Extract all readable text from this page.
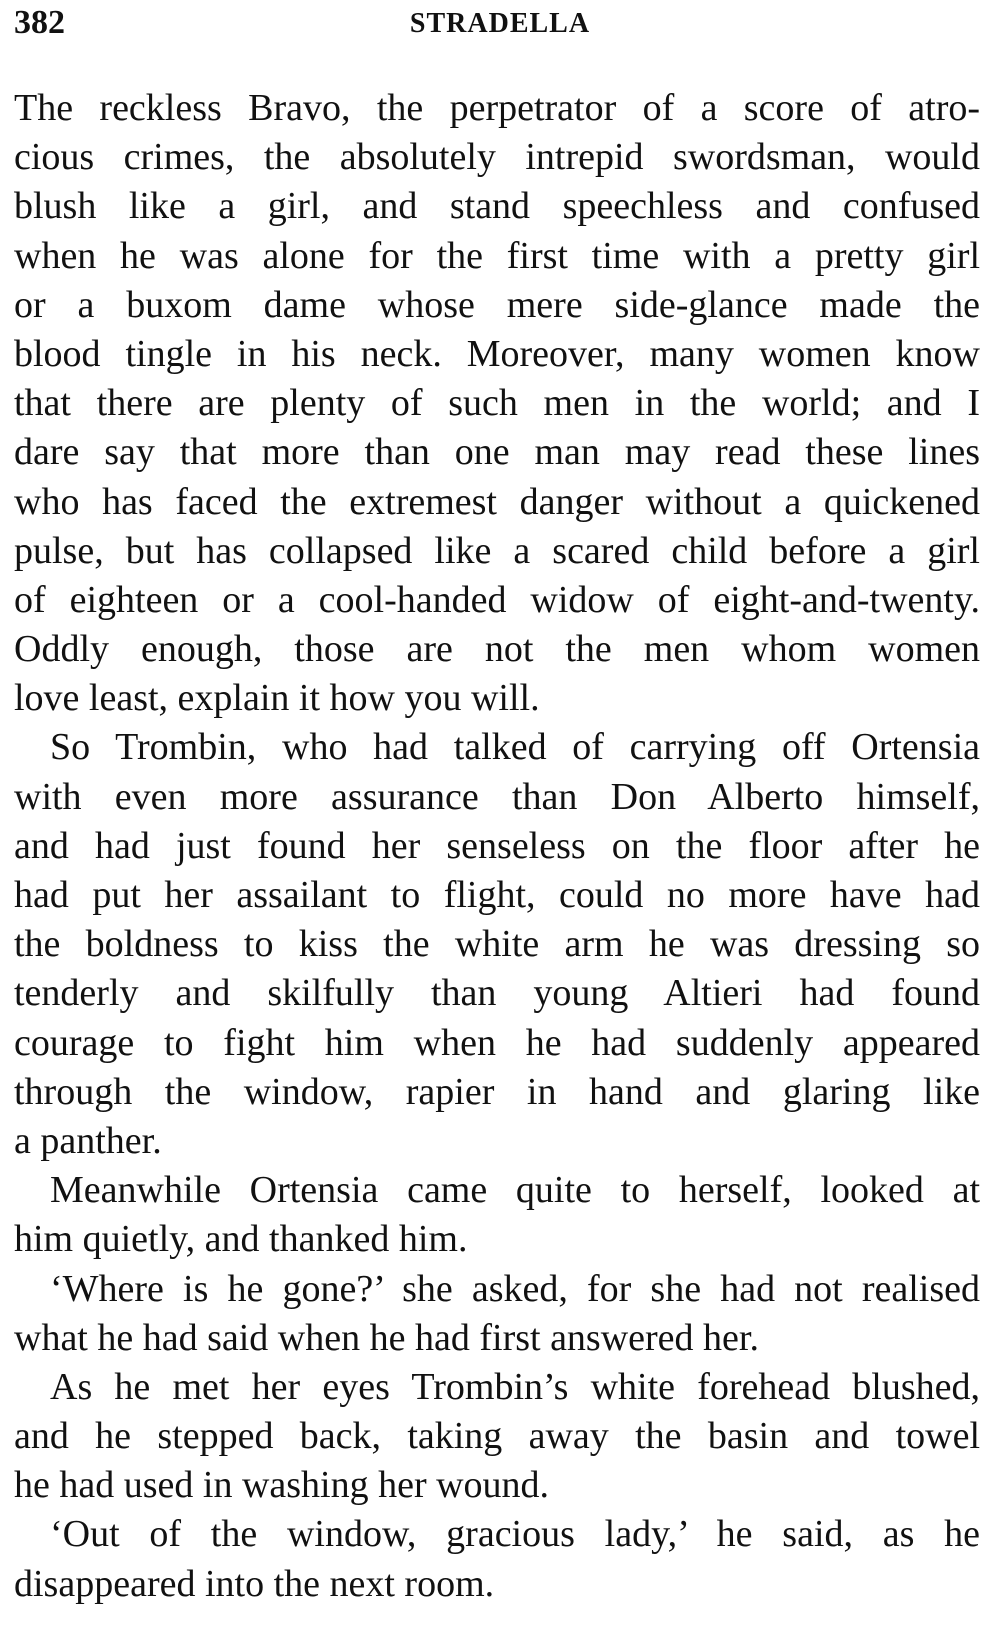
382	STRADELLA
The reckless Bravo, the perpetrator of a score of atro-
cious crimes, the absolutely intrepid swordsman, would
blush like a girl, and stand speechless and confused
when he was alone for the first time with a pretty girl
or a buxom dame whose mere side-glance made the
blood tingle in his neck. Moreover, many women know
that there are plenty of such men in the world; and I
dare say that more than one man may read these lines
who has faced the extremest danger without a quickened
pulse, but has collapsed like a scared child before a girl
of eighteen or a cool-handed widow of eight-and-twenty.
Oddly enough, those are not the men whom women
love least, explain it how you will.
So Trombin, who had talked of carrying off Ortensia
with even more assurance than Don Alberto himself,
and had just found her senseless on the floor after he
had put her assailant to flight, could no more have had
the boldness to kiss the white arm he was dressing so
tenderly and skilfully than young Altieri had found
courage to fight him when he had suddenly appeared
through the window, rapier in hand and glaring like
a panther.
Meanwhile Ortensia came quite to herself, looked at
him quietly, and thanked him.
‘Where is he gone?’ she asked, for she had not realised
what he had said when he had first answered her.
As he met her eyes Trombin’s white forehead blushed,
and he stepped back, taking away the basin and towel
he had used in washing her wound.
‘Out of the window, gracious lady,’ he said, as he
disappeared into the next room.
